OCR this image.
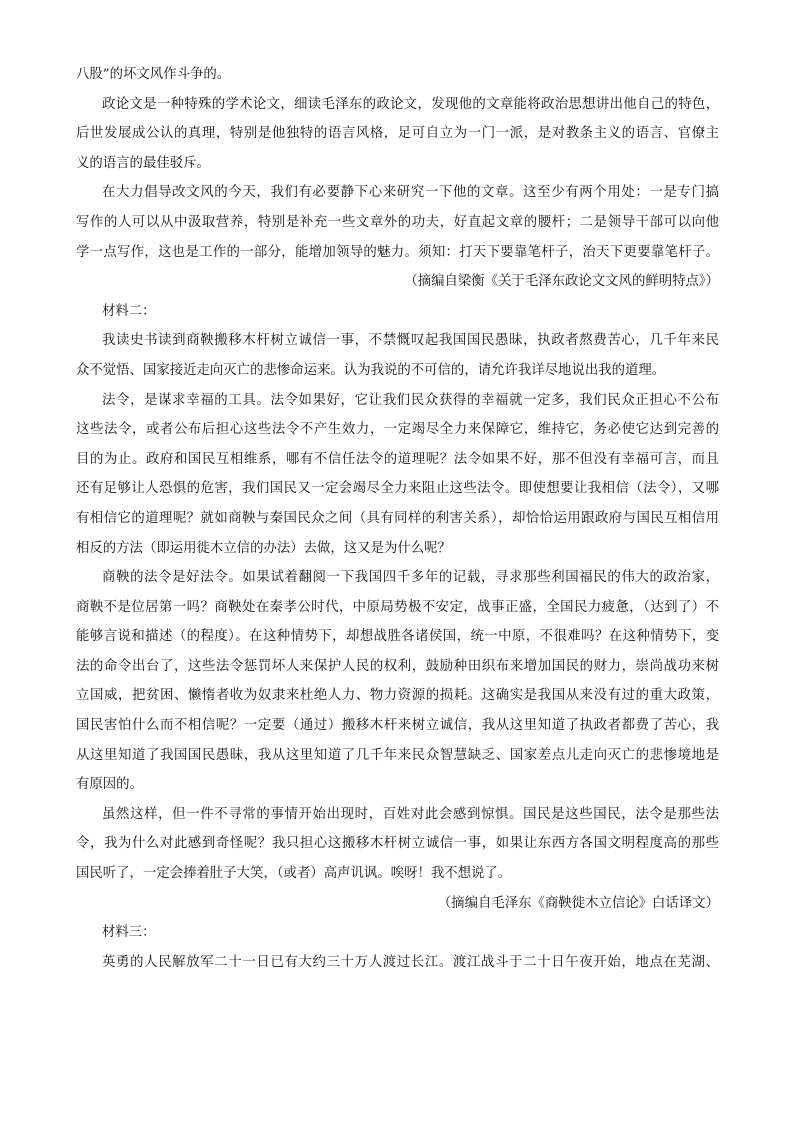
八股”的坏文风作斗争的。
政论文是一种特殊的学术论文，细读毛泽东的政论文，发现他的文章能将政治思想讲出他自己的特色，
后世发展成公认的真理，特别是他独特的语言风格，足可自立为一门一派，是对教条主义的语言、官僚主
义的语言的最佳驳斥。
在大力倡导改文风的今天，我们有必要静下心来研究一下他的文章。这至少有两个用处：一是专门搞
写作的人可以从中汲取营养，特别是补充一些文章外的功夫，好直起文章的腰杆；二是领导干部可以向他
学一点写作，这也是工作的一部分，能增加领导的魅力。须知：打天下要靠笔杆子，治天下更要靠笔杆子。
（摘编自梁衡《关于毛泽东政论文文风的鲜明特点》）
材料二：
我读史书读到商鞅搬移木杆树立诚信一事，不禁慨叹起我国国民愚昧，执政者熬费苦心，几千年来民
众不觉悟、国家接近走向灭亡的悲惨命运来。认为我说的不可信的，请允许我详尽地说出我的道理。
法令，是谋求幸福的工具。法令如果好，它让我们民众获得的幸福就一定多，我们民众正担心不公布
这些法令，或者公布后担心这些法令不产生效力，一定竭尽全力来保障它，维持它，务必使它达到完善的
目的为止。政府和国民互相维系，哪有不信任法令的道理呢？法令如果不好，那不但没有幸福可言，而且
还有足够让人恐惧的危害，我们国民又一定会竭尽全力来阻止这些法令。即使想要让我相信（法令），又哪
有相信它的道理呢？就如商鞅与秦国民众之间（具有同样的利害关系），却恰恰运用跟政府与国民互相信用
相反的方法（即运用徙木立信的办法）去做，这又是为什么呢？
商鞅的法令是好法令。如果试着翻阅一下我国四千多年的记载，寻求那些利国福民的伟大的政治家，
商鞅不是位居第一吗？商鞅处在秦孝公时代，中原局势极不安定，战事正盛，全国民力疲惫，（达到了）不
能够言说和描述（的程度）。在这种情势下，却想战胜各诸侯国，统一中原，不很难吗？在这种情势下，变
法的命令出台了，这些法令惩罚坏人来保护人民的权利，鼓励种田织布来增加国民的财力，崇尚战功来树
立国威，把贫困、懒惰者收为奴隶来杜绝人力、物力资源的损耗。这确实是我国从来没有过的重大政策，
国民害怕什么而不相信呢？一定要（通过）搬移木杆来树立诚信，我从这里知道了执政者都费了苦心，我
从这里知道了我国国民愚昧，我从这里知道了几千年来民众智慧缺乏、国家差点儿走向灭亡的悲惨境地是
有原因的。
虽然这样，但一件不寻常的事情开始出现时，百姓对此会感到惊惧。国民是这些国民，法令是那些法
令，我为什么对此感到奇怪呢？我只担心这搬移木杆树立诚信一事，如果让东西方各国文明程度高的那些
国民听了，一定会捧着肚子大笑，（或者）高声讥讽。唉呀！我不想说了。
（摘编自毛泽东《商鞅徙木立信论》白话译文）
材料三：
英勇的人民解放军二十一日已有大约三十万人渡过长江。渡江战斗于二十日午夜开始，地点在芜湖、
